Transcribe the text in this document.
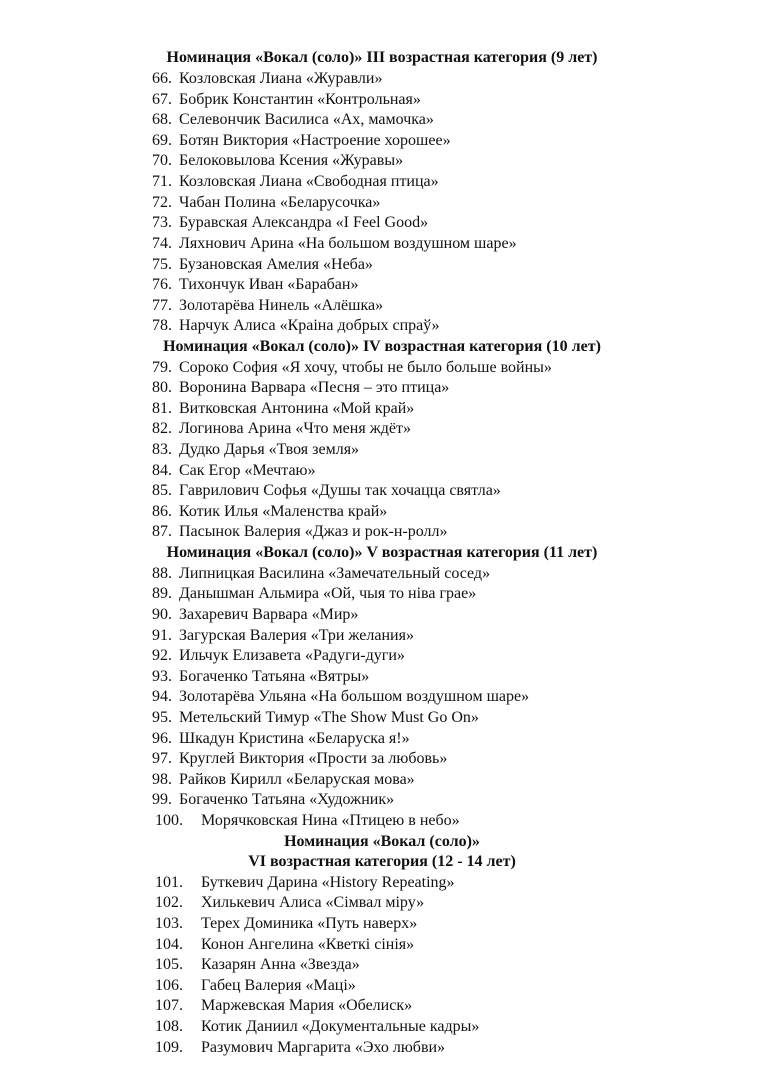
Номинация «Вокал (соло)» III возрастная категория (9 лет)
66. Козловская Лиана «Журавли»
67. Бобрик Константин «Контрольная»
68. Селевончик Василиса «Ах, мамочка»
69. Ботян Виктория «Настроение хорошее»
70. Белоковылова Ксения «Журавы»
71. Козловская Лиана «Свободная птица»
72. Чабан Полина «Беларусочка»
73. Буравская Александра «I Feel Good»
74. Ляхнович Арина «На большом воздушном шаре»
75. Бузановская Амелия «Неба»
76. Тихончук Иван «Барабан»
77. Золотарёва Нинель «Алёшка»
78. Нарчук Алиса «Краіна добрых спраў»
Номинация «Вокал (соло)» IV возрастная категория (10 лет)
79. Сороко София «Я хочу, чтобы не было больше войны»
80. Воронина Варвара «Песня – это птица»
81. Витковская Антонина «Мой край»
82. Логинова Арина «Что меня ждёт»
83. Дудко Дарья «Твоя земля»
84. Сак Егор «Мечтаю»
85. Гаврилович Софья «Душы так хочацца святла»
86. Котик Илья «Маленства край»
87. Пасынок Валерия «Джаз и рок-н-ролл»
Номинация «Вокал (соло)» V возрастная категория (11 лет)
88. Липницкая Василина «Замечательный сосед»
89. Данышман Альмира «Ой, чыя то ніва грае»
90. Захаревич Варвара «Мир»
91. Загурская Валерия «Три желания»
92. Ильчук Елизавета «Радуги-дуги»
93. Богаченко Татьяна «Вятры»
94. Золотарёва Ульяна «На большом воздушном шаре»
95. Метельский Тимур «The Show Must Go On»
96. Шкадун Кристина «Беларуска я!»
97. Круглей Виктория «Прости за любовь»
98. Райков Кирилл «Беларуская мова»
99. Богаченко Татьяна «Художник»
100. Морячковская Нина «Птицею в небо»
Номинация «Вокал (соло)»
VI возрастная категория (12 - 14 лет)
101. Буткевич Дарина «History Repeating»
102. Хилькевич Алиса «Сімвал міру»
103. Терех Доминика «Путь наверх»
104. Конон Ангелина «Кветкі сінія»
105. Казарян Анна «Звезда»
106. Габец Валерия «Маці»
107. Маржевская Мария «Обелиск»
108. Котик Даниил «Документальные кадры»
109. Разумович Маргарита «Эхо любви»
